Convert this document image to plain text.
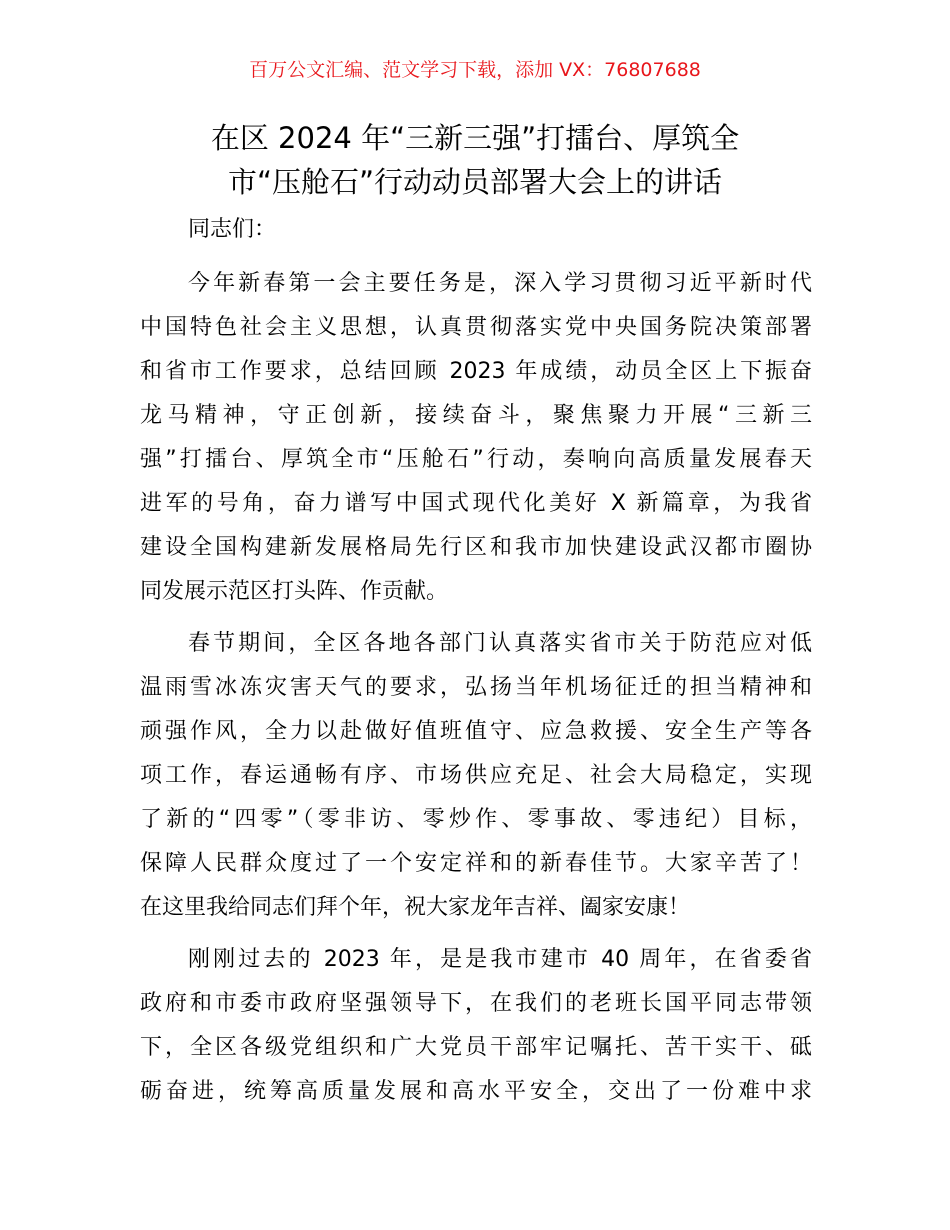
百万公文汇编、范文学习下载，添加 VX：76807688
在区 2024 年“三新三强”打擂台、厚筑全
市“压舱石”行动动员部署大会上的讲话

同志们：

今年新春第一会主要任务是，深入学习贯彻习近平新时代
中国特色社会主义思想，认真贯彻落实党中央国务院决策部署
和省市工作要求，总结回顾 2023 年成绩，动员全区上下振奋
龙马精神，守正创新，接续奋斗，聚焦聚力开展“三新三
强”打擂台、厚筑全市“压舱石”行动，奏响向高质量发展春天
进军的号角，奋力谱写中国式现代化美好 X 新篇章，为我省
建设全国构建新发展格局先行区和我市加快建设武汉都市圈协
同发展示范区打头阵、作贡献。
春节期间，全区各地各部门认真落实省市关于防范应对低
温雨雪冰冻灾害天气的要求，弘扬当年机场征迁的担当精神和
顽强作风，全力以赴做好值班值守、应急救援、安全生产等各
项工作，春运通畅有序、市场供应充足、社会大局稳定，实现
了新的“四零”（零非访、零炒作、零事故、零违纪）目标，
保障人民群众度过了一个安定祥和的新春佳节。大家辛苦了！
在这里我给同志们拜个年，祝大家龙年吉祥、阖家安康！
刚刚过去的 2023 年，是是我市建市 40 周年，在省委省
政府和市委市政府坚强领导下，在我们的老班长国平同志带领
下，全区各级党组织和广大党员干部牢记嘱托、苦干实干、砥
砺奋进，统筹高质量发展和高水平安全，交出了一份难中求
